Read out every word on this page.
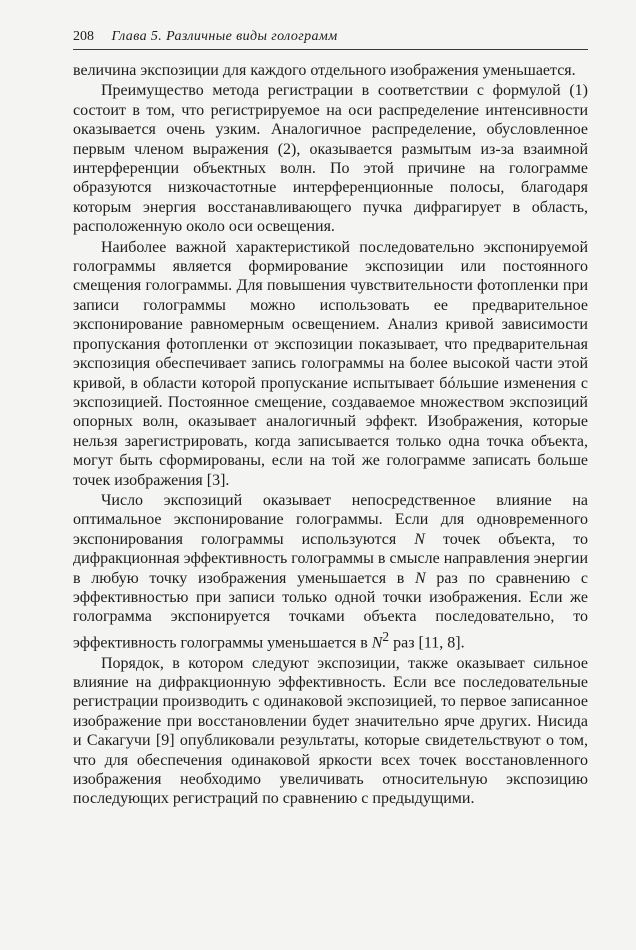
208 Глава 5. Различные виды голограмм

величина экспозиции для каждого отдельного изображения уменьшается.

Преимущество метода регистрации в соответствии с формулой (1) состоит в том, что регистрируемое на оси распределение интенсивности оказывается очень узким. Аналогичное распределение, обусловленное первым членом выражения (2), оказывается размытым из-за взаимной интерференции объектных волн. По этой причине на голограмме образуются низкочастотные интерференционные полосы, благодаря которым энергия восстанавливающего пучка дифрагирует в область, расположенную около оси освещения.

Наиболее важной характеристикой последовательно экспонируемой голограммы является формирование экспозиции или постоянного смещения голограммы. Для повышения чувствительности фотопленки при записи голограммы можно использовать ее предварительное экспонирование равномерным освещением. Анализ кривой зависимости пропускания фотопленки от экспозиции показывает, что предварительная экспозиция обеспечивает запись голограммы на более высокой части этой кривой, в области которой пропускание испытывает бóльшие изменения с экспозицией. Постоянное смещение, создаваемое множеством экспозиций опорных волн, оказывает аналогичный эффект. Изображения, которые нельзя зарегистрировать, когда записывается только одна точка объекта, могут быть сформированы, если на той же голограмме записать больше точек изображения [3].

Число экспозиций оказывает непосредственное влияние на оптимальное экспонирование голограммы. Если для одновременного экспонирования голограммы используются N точек объекта, то дифракционная эффективность голограммы в смысле направления энергии в любую точку изображения уменьшается в N раз по сравнению с эффективностью при записи только одной точки изображения. Если же голограмма экспонируется точками объекта последовательно, то эффективность голограммы уменьшается в $N^2$ раз [11, 8].

Порядок, в котором следуют экспозиции, также оказывает сильное влияние на дифракционную эффективность. Если все последовательные регистрации производить с одинаковой экспозицией, то первое записанное изображение при восстановлении будет значительно ярче других. Нисида и Сакагучи [9] опубликовали результаты, которые свидетельствуют о том, что для обеспечения одинаковой яркости всех точек восстановленного изображения необходимо увеличивать относительную экспозицию последующих регистраций по сравнению с предыдущими.
